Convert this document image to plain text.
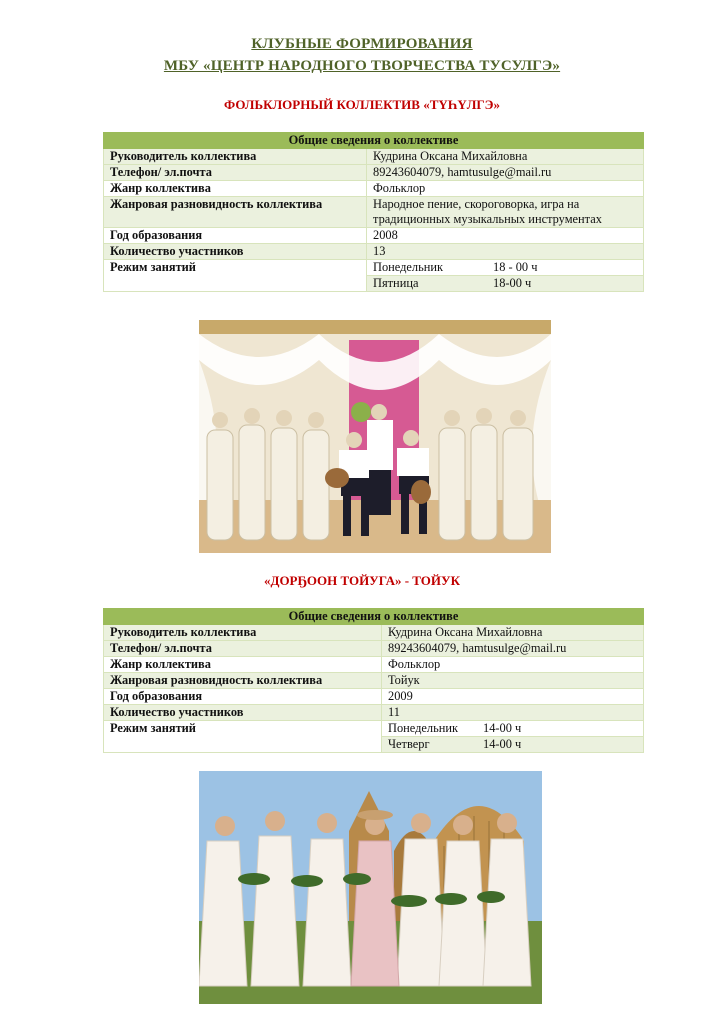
КЛУБНЫЕ ФОРМИРОВАНИЯ
МБУ «ЦЕНТР НАРОДНОГО ТВОРЧЕСТВА ТУСУЛГЭ»
ФОЛЬКЛОРНЫЙ КОЛЛЕКТИВ «ТҮҺҮЛГЭ»
Общие сведения о коллективе	
Руководитель коллектива	Кудрина Оксана Михайловна
Телефон/ эл.почта	89243604079, hamtusulge@mail.ru
Жанр коллектива	Фольклор
Жанровая разновидность коллектива	Народное пение, скороговорка, игра на традиционных музыкальных инструментах
Год образования	2008
Количество участников	13
Режим занятий	Понедельник 18 - 00 ч
	Пятница 18-00 ч
«ДОРҔООН ТОЙУГА» - ТОЙУК
Общие сведения о коллективе	
Руководитель коллектива	Кудрина Оксана Михайловна
Телефон/ эл.почта	89243604079, hamtusulge@mail.ru
Жанр коллектива	Фольклор
Жанровая разновидность коллектива	Тойук
Год образования	2009
Количество участников	11
Режим занятий	Понедельник 14-00 ч
	Четверг 14-00 ч
